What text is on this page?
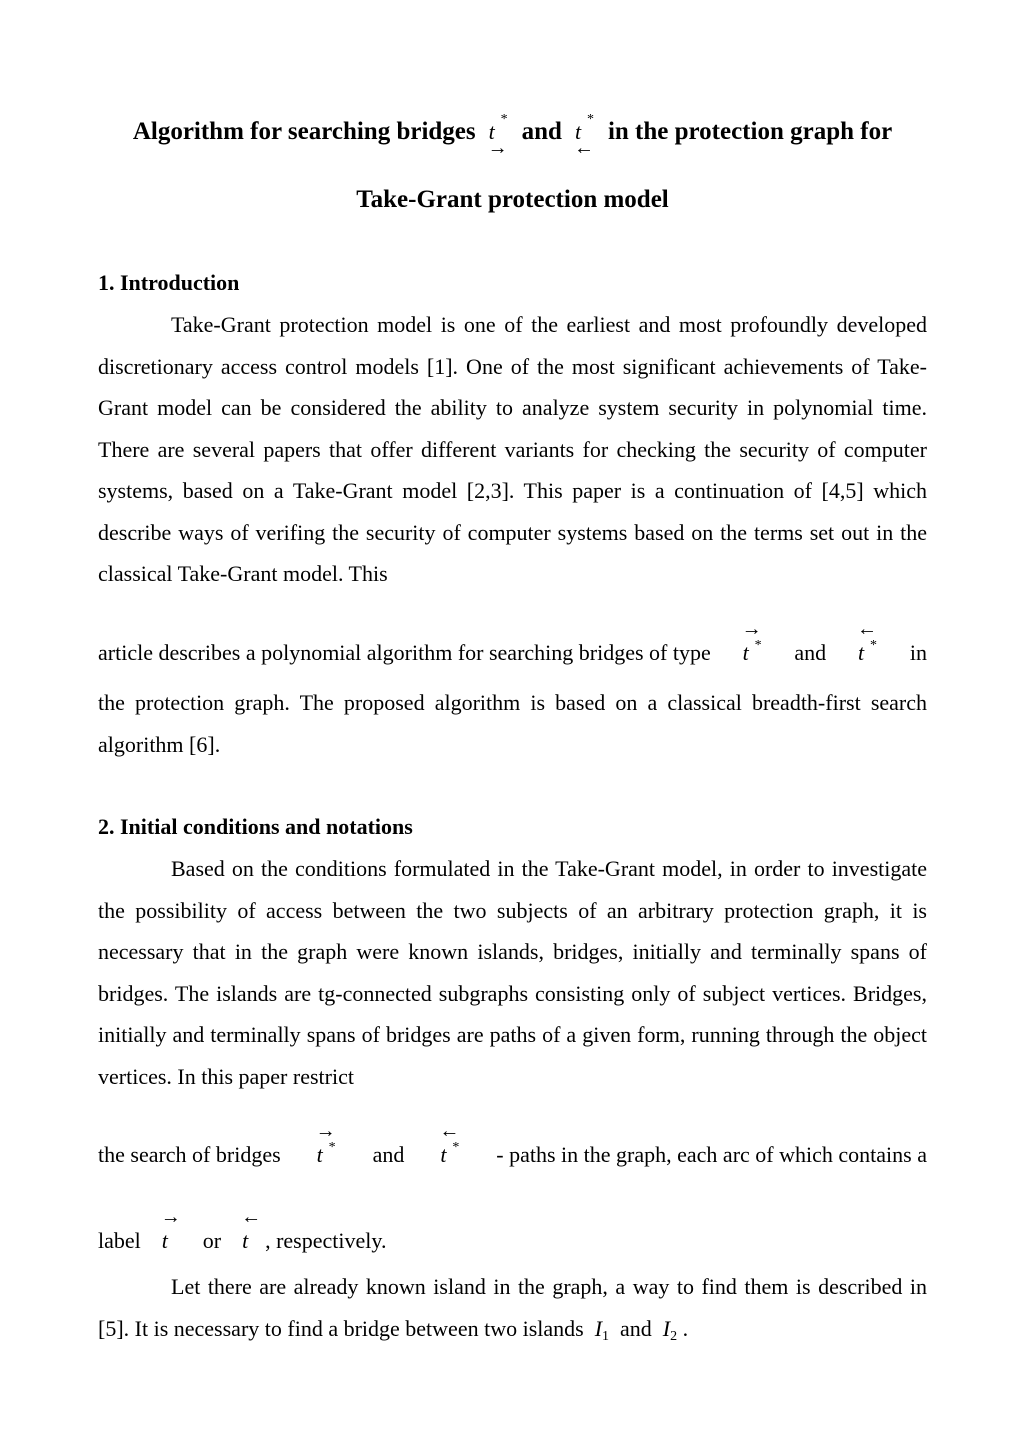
Algorithm for searching bridges
→
t * and
←
t * in the protection graph for
Take-Grant protection model
1. Introduction

Take-Grant protection model is one of the earliest and most profoundly developed discretionary access control models [1]. One of the most significant achievements of Take-Grant model can be considered the ability to analyze system security in polynomial time. There are several papers that offer different variants for checking the security of computer systems, based on a Take-Grant model [2,3]. This paper is a continuation of [4,5] which describe ways of verifing the security of computer systems based on the terms set out in the classical Take-Grant model. This

article describes a polynomial algorithm for searching bridges of type
→
t * and
←
t * in

the protection graph. The proposed algorithm is based on a classical breadth-first search algorithm [6].

2. Initial conditions and notations

Based on the conditions formulated in the Take-Grant model, in order to investigate the possibility of access between the two subjects of an arbitrary protection graph, it is necessary that in the graph were known islands, bridges, initially and terminally spans of bridges. The islands are tg-connected subgraphs consisting only of subject vertices. Bridges, initially and terminally spans of bridges are paths of a given form, running through the object vertices. In this paper restrict

the search of bridges
→
t * and
←
t * - paths in the graph, each arc of which contains a
label
→
t or
←
t , respectively.

Let there are already known island in the graph, a way to find them is described in [5]. It is necessary to find a bridge between two islands $I_1$ and $I_2$ .
